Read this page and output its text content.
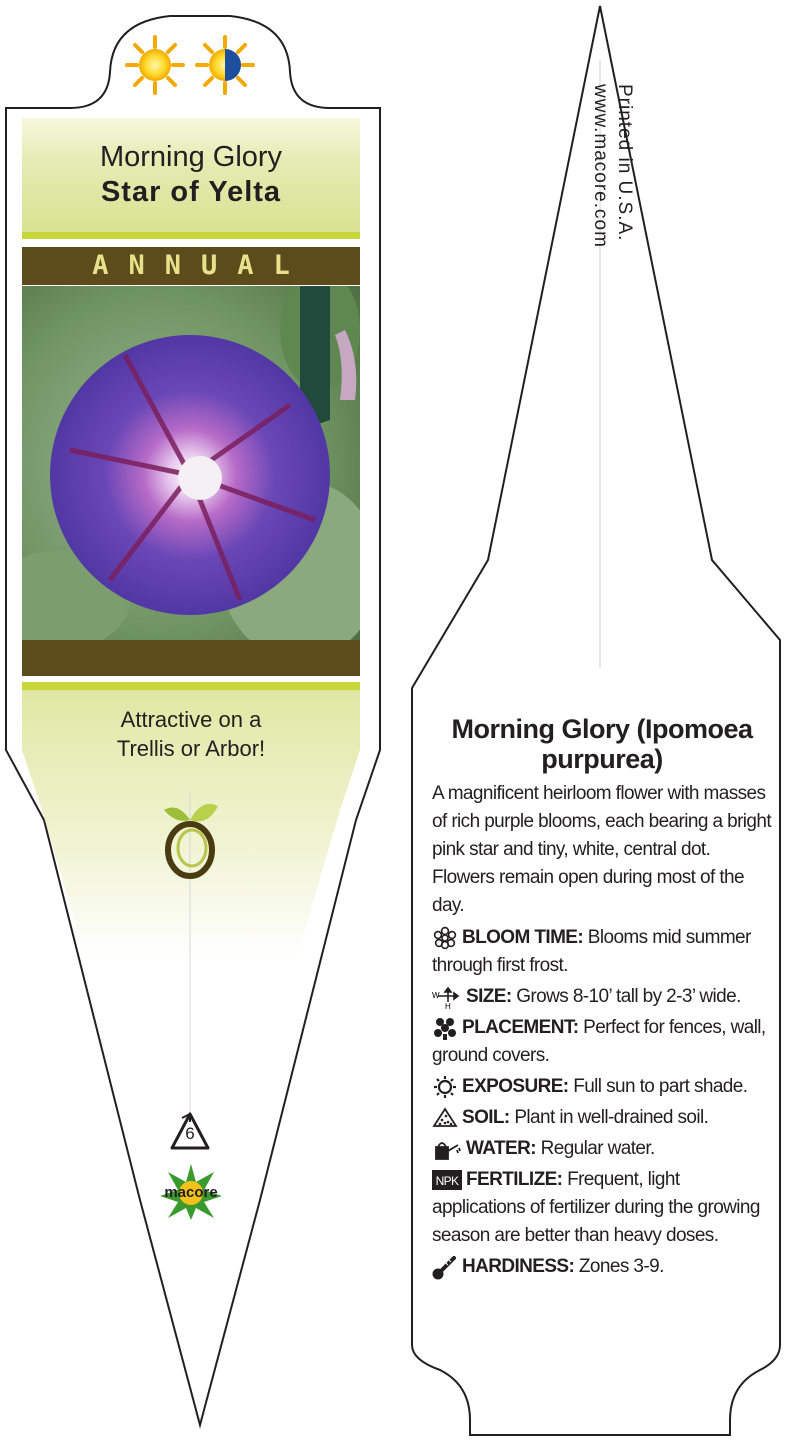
Morning Glory
Star of Yelta
ANNUAL
Attractive on a
Trellis or Arbor!
6
macore
Printed in U.S.A.
www.macore.com
Morning Glory (Ipomoea
purpurea)

A magnificent heirloom flower with masses of rich purple blooms, each bearing a bright pink star and tiny, white, central dot. Flowers remain open during most of the day.

BLOOM TIME: Blooms mid summer through first frost.
W
H SIZE: Grows 8-10’ tall by 2-3’ wide.
PLACEMENT: Perfect for fences, wall, ground covers.
EXPOSURE: Full sun to part shade.
SOIL: Plant in well-drained soil.
WATER: Regular water.
NPK FERTILIZE: Frequent, light applications of fertilizer during the growing season are better than heavy doses.
HARDINESS: Zones 3-9.
